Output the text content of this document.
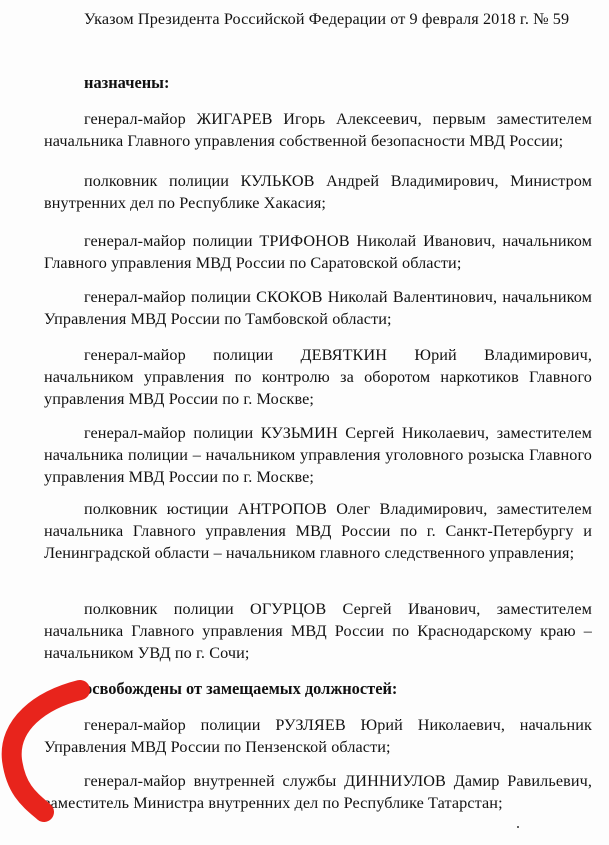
Указом Президента Российской Федерации от 9 февраля 2018 г. № 59
назначены:
генерал-майор ЖИГАРЕВ Игорь Алексеевич, первым заместителем начальника Главного управления собственной безопасности МВД России;
полковник полиции КУЛЬКОВ Андрей Владимирович, Министром внутренних дел по Республике Хакасия;
генерал-майор полиции ТРИФОНОВ Николай Иванович, начальником Главного управления МВД России по Саратовской области;
генерал-майор полиции СКОКОВ Николай Валентинович, начальником Управления МВД России по Тамбовской области;
генерал-майор полиции ДЕВЯТКИН Юрий Владимирович, начальником управления по контролю за оборотом наркотиков Главного управления МВД России по г. Москве;
генерал-майор полиции КУЗЬМИН Сергей Николаевич, заместителем начальника полиции – начальником управления уголовного розыска Главного управления МВД России по г. Москве;
полковник юстиции АНТРОПОВ Олег Владимирович, заместителем начальника Главного управления МВД России по г. Санкт-Петербургу и Ленинградской области – начальником главного следственного управления;
полковник полиции ОГУРЦОВ Сергей Иванович, заместителем начальника Главного управления МВД России по Краснодарскому краю – начальником УВД по г. Сочи;
освобождены от замещаемых должностей:
генерал-майор полиции РУЗЛЯЕВ Юрий Николаевич, начальник Управления МВД России по Пензенской области;
генерал-майор внутренней службы ДИННИУЛОВ Дамир Равильевич, заместитель Министра внутренних дел по Республике Татарстан;
